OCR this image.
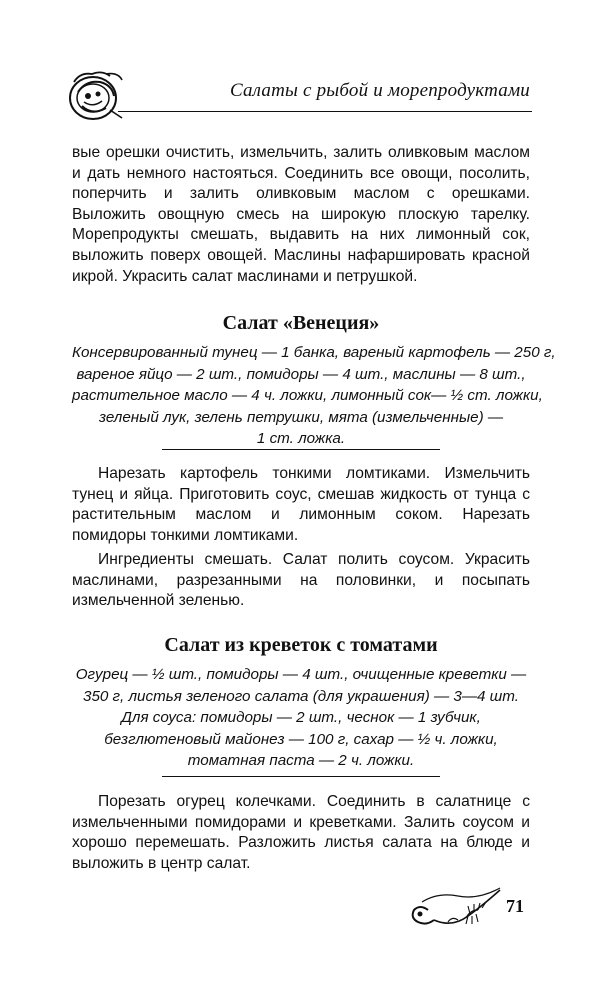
Салаты с рыбой и морепродуктами
вые орешки очистить, измельчить, залить оливковым маслом и дать немного настояться. Соединить все овощи, посолить, поперчить и залить оливковым маслом с орешками. Выложить овощную смесь на широкую плоскую тарелку. Морепродукты смешать, выдавить на них лимонный сок, выложить поверх овощей. Маслины нафаршировать красной икрой. Украсить салат маслинами и петрушкой.
Салат «Венеция»
Консервированный тунец — 1 банка, вареный картофель — 250 г,
вареное яйцо — 2 шт., помидоры — 4 шт., маслины — 8 шт.,
растительное масло — 4 ч. ложки, лимонный сок— ½ ст. ложки,
зеленый лук, зелень петрушки, мята (измельченные) —
1 ст. ложка.
Нарезать картофель тонкими ломтиками. Измельчить тунец и яйца. Приготовить соус, смешав жидкость от тунца с растительным маслом и лимонным соком. Нарезать помидоры тонкими ломтиками.
Ингредиенты смешать. Салат полить соусом. Украсить маслинами, разрезанными на половинки, и посыпать измельченной зеленью.
Салат из креветок с томатами
Огурец — ½ шт., помидоры — 4 шт., очищенные креветки —
350 г, листья зеленого салата (для украшения) — 3—4 шт.
Для соуса: помидоры — 2 шт., чеснок — 1 зубчик,
безглютеновый майонез — 100 г, сахар — ½ ч. ложки,
томатная паста — 2 ч. ложки.
Порезать огурец колечками. Соединить в салатнице с измельченными помидорами и креветками. Залить соусом и хорошо перемешать. Разложить листья салата на блюде и выложить в центр салат.
71
